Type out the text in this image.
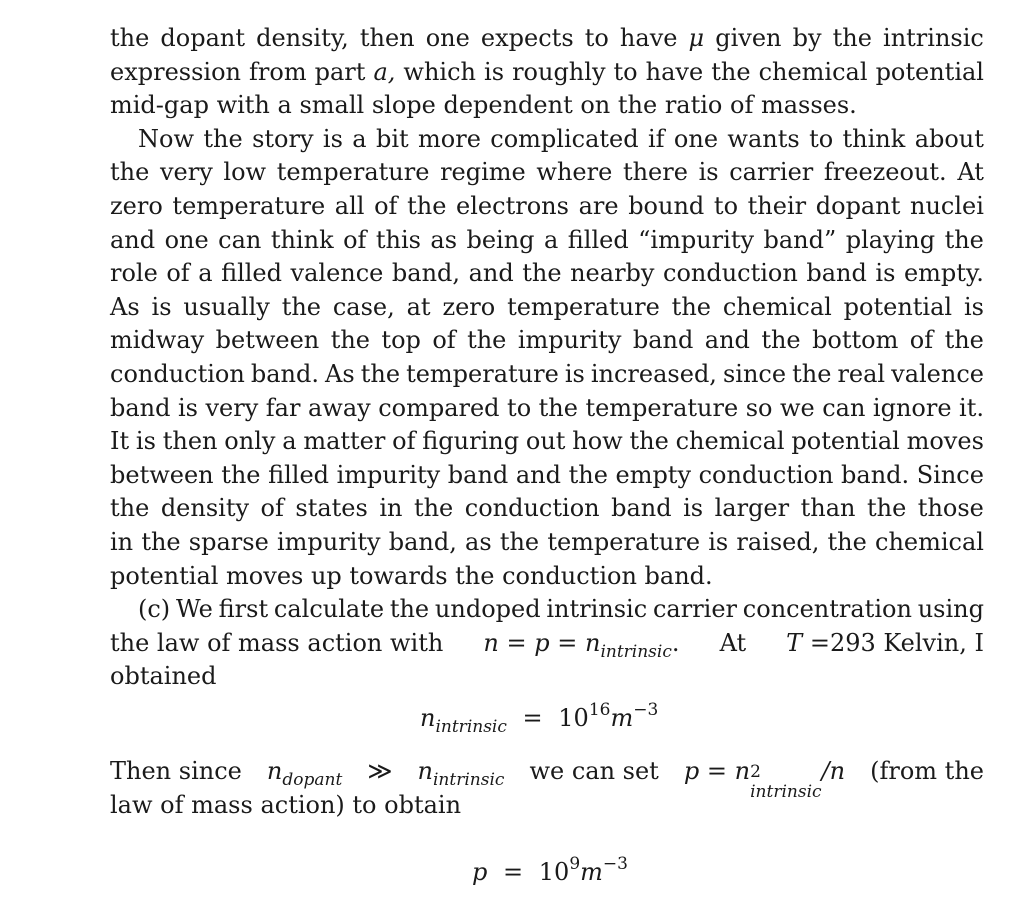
the dopant density, then one expects to have μ given by the intrinsic
expression from part a, which is roughly to have the chemical potential
mid-gap with a small slope dependent on the ratio of masses.
Now the story is a bit more complicated if one wants to think about
the very low temperature regime where there is carrier freezeout. At
zero temperature all of the electrons are bound to their dopant nuclei
and one can think of this as being a filled “impurity band” playing the
role of a filled valence band, and the nearby conduction band is empty.
As is usually the case, at zero temperature the chemical potential is
midway between the top of the impurity band and the bottom of the
conduction band. As the temperature is increased, since the real valence
band is very far away compared to the temperature so we can ignore it.
It is then only a matter of figuring out how the chemical potential moves
between the filled impurity band and the empty conduction band. Since
the density of states in the conduction band is larger than the those
in the sparse impurity band, as the temperature is raised, the chemical
potential moves up towards the conduction band.
(c) We first calculate the undoped intrinsic carrier concentration using
the law of mass action with $n = p = n_{intrinsic}$. At T =293 Kelvin, I
obtained
$n_{intrinsic} = 10^{16}m^{-3}$
Then since $n_{dopant}$ ≫ $n_{intrinsic}$ we can set p = n 2
intrinsic
/n (from the
law of mass action) to obtain
$p = 10^9m^{-3}$
